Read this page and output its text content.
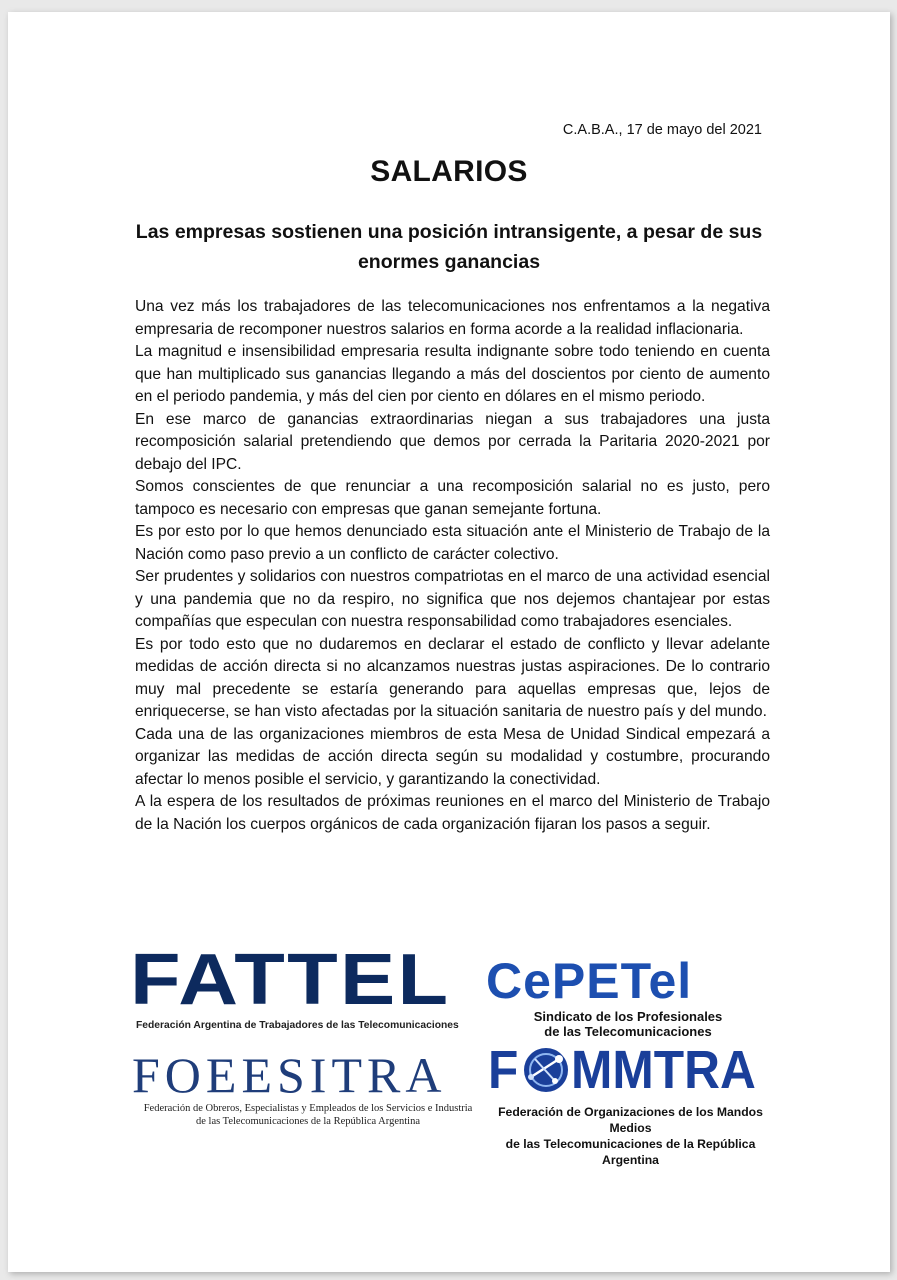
C.A.B.A., 17 de mayo del 2021
SALARIOS
Las empresas sostienen una posición intransigente, a pesar de sus enormes ganancias

Una vez más los trabajadores de las telecomunicaciones nos enfrentamos a la negativa empresaria de recomponer nuestros salarios en forma acorde a la realidad inflacionaria.

La magnitud e insensibilidad empresaria resulta indignante sobre todo teniendo en cuenta que han multiplicado sus ganancias llegando a más del doscientos por ciento de aumento en el periodo pandemia, y más del cien por ciento en dólares en el mismo periodo.

En ese marco de ganancias extraordinarias niegan a sus trabajadores una justa recomposición salarial pretendiendo que demos por cerrada la Paritaria 2020-2021 por debajo del IPC.

Somos conscientes de que renunciar a una recomposición salarial no es justo, pero tampoco es necesario con empresas que ganan semejante fortuna.

Es por esto por lo que hemos denunciado esta situación ante el Ministerio de Trabajo de la Nación como paso previo a un conflicto de carácter colectivo.

Ser prudentes y solidarios con nuestros compatriotas en el marco de una actividad esencial y una pandemia que no da respiro, no significa que nos dejemos chantajear por estas compañías que especulan con nuestra responsabilidad como trabajadores esenciales.

Es por todo esto que no dudaremos en declarar el estado de conflicto y llevar adelante medidas de acción directa si no alcanzamos nuestras justas aspiraciones. De lo contrario muy mal precedente se estaría generando para aquellas empresas que, lejos de enriquecerse, se han visto afectadas por la situación sanitaria de nuestro país y del mundo.

Cada una de las organizaciones miembros de esta Mesa de Unidad Sindical empezará a organizar las medidas de acción directa según su modalidad y costumbre, procurando afectar lo menos posible el servicio, y garantizando la conectividad.

A la espera de los resultados de próximas reuniones en el marco del Ministerio de Trabajo de la Nación los cuerpos orgánicos de cada organización fijaran los pasos a seguir.

FATTEL
Federación Argentina de Trabajadores de las Telecomunicaciones
FOEESITRA
Federación de Obreros, Especialistas y Empleados de los Servicios e Industria
de las Telecomunicaciones de la República Argentina
CePETel
Sindicato de los Profesionales
de las Telecomunicaciones
F MMTRA
Federación de Organizaciones de los Mandos Medios
de las Telecomunicaciones de la República Argentina
